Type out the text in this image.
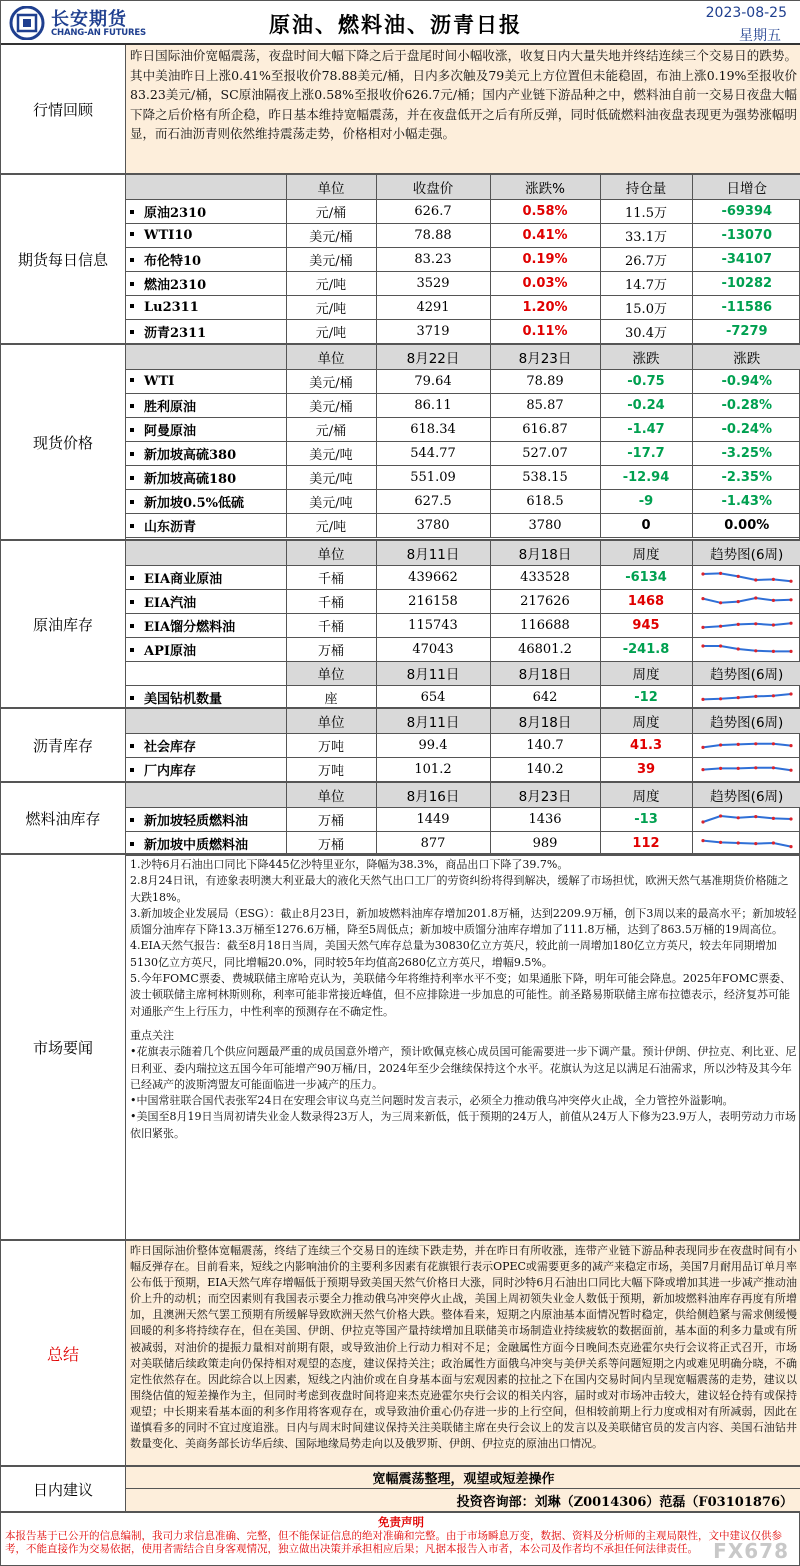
长安期货
CHANG-AN FUTURES	原油、燃料油、沥青日报	2023-08-25
星期五
行情回顾
昨日国际油价宽幅震荡，夜盘时间大幅下降之后于盘尾时间小幅收涨，收复日内大量失地并终结连续三个交易日的跌势。其中美油昨日上涨0.41%至报收价78.88美元/桶，日内多次触及79美元上方位置但未能稳固，布油上涨0.19%至报收价83.23美元/桶，SC原油隔夜上涨0.58%至报收价626.7元/桶；国内产业链下游品种之中，燃料油自前一交易日夜盘大幅下降之后价格有所企稳，昨日基本维持宽幅震荡，并在夜盘低开之后有所反弹，同时低硫燃料油夜盘表现更为强势涨幅明显，而石油沥青则依然维持震荡走势，价格相对小幅走强。
期货每日信息
	单位	收盘价	涨跌%	持仓量	日增仓
原油2310	元/桶	626.7	0.58%	11.5万	-69394
WTI10	美元/桶	78.88	0.41%	33.1万	-13070
布伦特10	美元/桶	83.23	0.19%	26.7万	-34107
燃油2310	元/吨	3529	0.03%	14.7万	-10282
Lu2311	元/吨	4291	1.20%	15.0万	-11586
沥青2311	元/吨	3719	0.11%	30.4万	-7279
现货价格
	单位	8月22日	8月23日	涨跌	涨跌
WTI	美元/桶	79.64	78.89	-0.75	-0.94%
胜利原油	美元/桶	86.11	85.87	-0.24	-0.28%
阿曼原油	元/桶	618.34	616.87	-1.47	-0.24%
新加坡高硫380	美元/吨	544.77	527.07	-17.7	-3.25%
新加坡高硫180	美元/吨	551.09	538.15	-12.94	-2.35%
新加坡0.5%低硫	美元/吨	627.5	618.5	-9	-1.43%
山东沥青	元/吨	3780	3780	0	0.00%
原油库存
	单位	8月11日	8月18日	周度	趋势图(6周)
EIA商业原油	千桶	439662	433528	-6134	

EIA汽油	千桶	216158	217626	1468	

EIA馏分燃料油	千桶	115743	116688	945	

API原油	万桶	47043	46801.2	-241.8	

	单位	8月11日	8月18日	周度	趋势图(6周)
美国钻机数量	座	654	642	-12	
沥青库存
	单位	8月11日	8月18日	周度	趋势图(6周)
社会库存	万吨	99.4	140.7	41.3	

厂内库存	万吨	101.2	140.2	39	
燃料油库存
	单位	8月16日	8月23日	周度	趋势图(6周)
新加坡轻质燃料油	万桶	1449	1436	-13	

新加坡中质燃料油	万桶	877	989	112	
市场要闻

1.沙特6月石油出口同比下降445亿沙特里亚尔，降幅为38.3%，商品出口下降了39.7%。

2.8月24日讯，有迹象表明澳大利亚最大的液化天然气出口工厂的劳资纠纷将得到解决，缓解了市场担忧，欧洲天然气基准期货价格随之大跌18%。

3.新加坡企业发展局（ESG）：截止8月23日，新加坡燃料油库存增加201.8万桶，达到2209.9万桶，创下3周以来的最高水平；新加坡轻质馏分油库存下降13.3万桶至1276.6万桶，降至5周低点；新加坡中质馏分油库存增加了111.8万桶，达到了863.5万桶的19周高位。

4.EIA天然气报告：截至8月18日当周，美国天然气库存总量为30830亿立方英尺，较此前一周增加180亿立方英尺，较去年同期增加5130亿立方英尺，同比增幅20.0%，同时较5年均值高2680亿立方英尺，增幅9.5%。

5.今年FOMC票委、费城联储主席哈克认为，美联储今年将维持利率水平不变；如果通胀下降，明年可能会降息。2025年FOMC票委、波士顿联储主席柯林斯则称，利率可能非常接近峰值，但不应排除进一步加息的可能性。前圣路易斯联储主席布拉德表示，经济复苏可能对通胀产生上行压力，中性利率的预测存在不确定性。

重点关注

•花旗表示随着几个供应问题最严重的成员国意外增产，预计欧佩克核心成员国可能需要进一步下调产量。预计伊朗、伊拉克、利比亚、尼日利亚、委内瑞拉这五国今年可能增产90万桶/日，2024年至少会继续保持这个水平。花旗认为这足以满足石油需求，所以沙特及其今年已经减产的波斯湾盟友可能面临进一步减产的压力。

•中国常驻联合国代表张军24日在安理会审议乌克兰问题时发言表示，必须全力推动俄乌冲突停火止战，全力管控外溢影响。

•美国至8月19日当周初请失业金人数录得23万人，为三周来新低，低于预期的24万人，前值从24万人下修为23.9万人，表明劳动力市场依旧紧张。

总结
昨日国际油价整体宽幅震荡，终结了连续三个交易日的连续下跌走势，并在昨日有所收涨，连带产业链下游品种表现同步在夜盘时间有小幅反弹存在。目前看来，短线之内影响油价的主要利多因素有花旗银行表示OPEC或需要更多的减产来稳定市场，美国7月耐用品订单月率公布低于预期，EIA天然气库存增幅低于预期导致美国天然气价格日大涨，同时沙特6月石油出口同比大幅下降或增加其进一步减产推动油价上升的动机；而空因素则有我国表示要全力推动俄乌冲突停火止战，美国上周初领失业金人数低于预期，新加坡燃料油库存再度有所增加，且澳洲天然气罢工预期有所缓解导致欧洲天然气价格大跌。整体看来，短期之内原油基本面情况暂时稳定，供给侧趋紧与需求侧缓慢回暖的利多将持续存在，但在美国、伊朗、伊拉克等国产量持续增加且联储美市场制造业持续疲软的数据面前，基本面的利多力量或有所被减弱，对油价的提振力量相对前期有限，或导致油价上行动力相对不足；金融属性方面今日晚间杰克逊霍尔央行会议将正式召开，市场对美联储后续政策走向仍保持相对观望的态度，建议保持关注；政治属性方面俄乌冲突与美伊关系等问题短期之内或难见明确分晓，不确定性依然存在。因此综合以上因素，短线之内油价或在自身基本面与宏观因素的拉扯之下在国内交易时间内呈现宽幅震荡的走势，建议以围绕估值的短差操作为主，但同时考虑到夜盘时间将迎来杰克逊霍尔央行会议的相关内容，届时或对市场冲击较大，建议轻仓持有或保持观望；中长期来看基本面的利多作用将客观存在，或导致油价重心仍存进一步的上行空间，但相较前期上行力度或相对有所减弱，因此在谨慎看多的同时不宜过度追涨。日内与周末时间建议保持关注美联储主席在央行会议上的发言以及美联储官员的发言内容、美国石油钻井数量变化、美商务部长访华后续、国际地缘局势走向以及俄罗斯、伊朗、伊拉克的原油出口情况。
日内建议
宽幅震荡整理，观望或短差操作
投资咨询部：刘琳（Z0014306）范磊（F03101876）
免责声明
本报告基于已公开的信息编制，我司力求信息准确、完整，但不能保证信息的绝对准确和完整。由于市场瞬息万变，数据、资料及分析师的主观局限性，文中建议仅供参考，不能直接作为交易依据，使用者需结合自身客观情况，独立做出决策并承担相应后果；凡据本报告入市者，本公司及作者均不承担任何法律责任。 FX678
